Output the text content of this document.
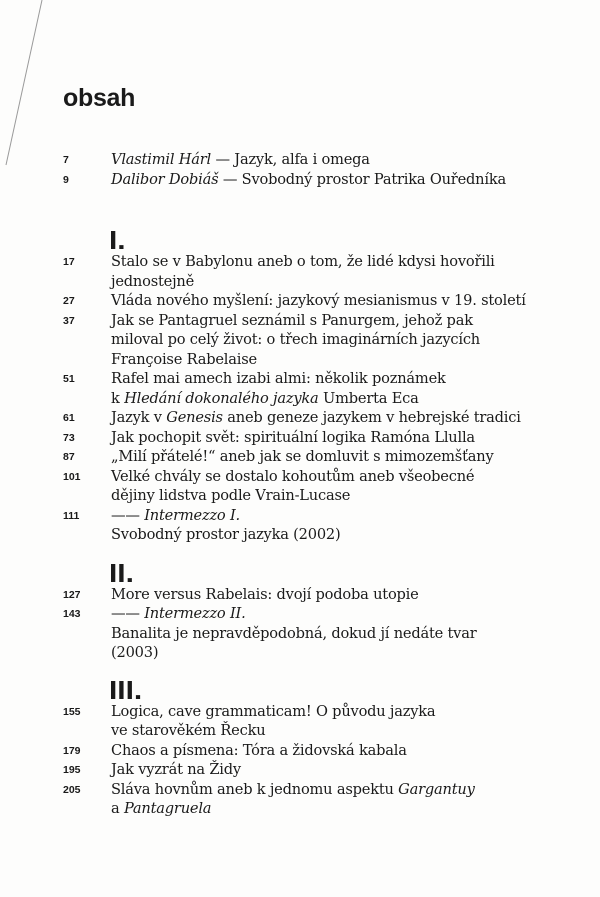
obsah
7	Vlastimil Hárl — Jazyk, alfa i omega
9	Dalibor Dobiáš — Svobodný prostor Patrika Ouředníka
I.
17 Stalo se v Babylonu aneb o tom, že lidé kdysi hovořili
jednostejně
27 Vláda nového myšlení: jazykový mesianismus v 19. století
37 Jak se Pantagruel seznámil s Panurgem, jehož pak
miloval po celý život: o třech imaginárních jazycích
Françoise Rabelaise
51 Rafel mai amech izabi almi: několik poznámek
k Hledání dokonalého jazyka Umberta Eca
61 Jazyk v Genesis aneb geneze jazykem v hebrejské tradici
73 Jak pochopit svět: spirituální logika Ramóna Llulla
87 „Milí přátelé!“ aneb jak se domluvit s mimozemšťany
101 Velké chvály se dostalo kohoutům aneb všeobecné
dějiny lidstva podle Vrain-Lucase
111 —— Intermezzo I.
Svobodný prostor jazyka (2002)
II.
127 More versus Rabelais: dvojí podoba utopie
143 —— Intermezzo II.
Banalita je nepravděpodobná, dokud jí nedáte tvar
(2003)
III.
155 Logica, cave grammaticam! O původu jazyka
ve starověkém Řecku
179 Chaos a písmena: Tóra a židovská kabala
195 Jak vyzrát na Židy
205 Sláva hovnům aneb k jednomu aspektu Gargantuy
a Pantagruela
